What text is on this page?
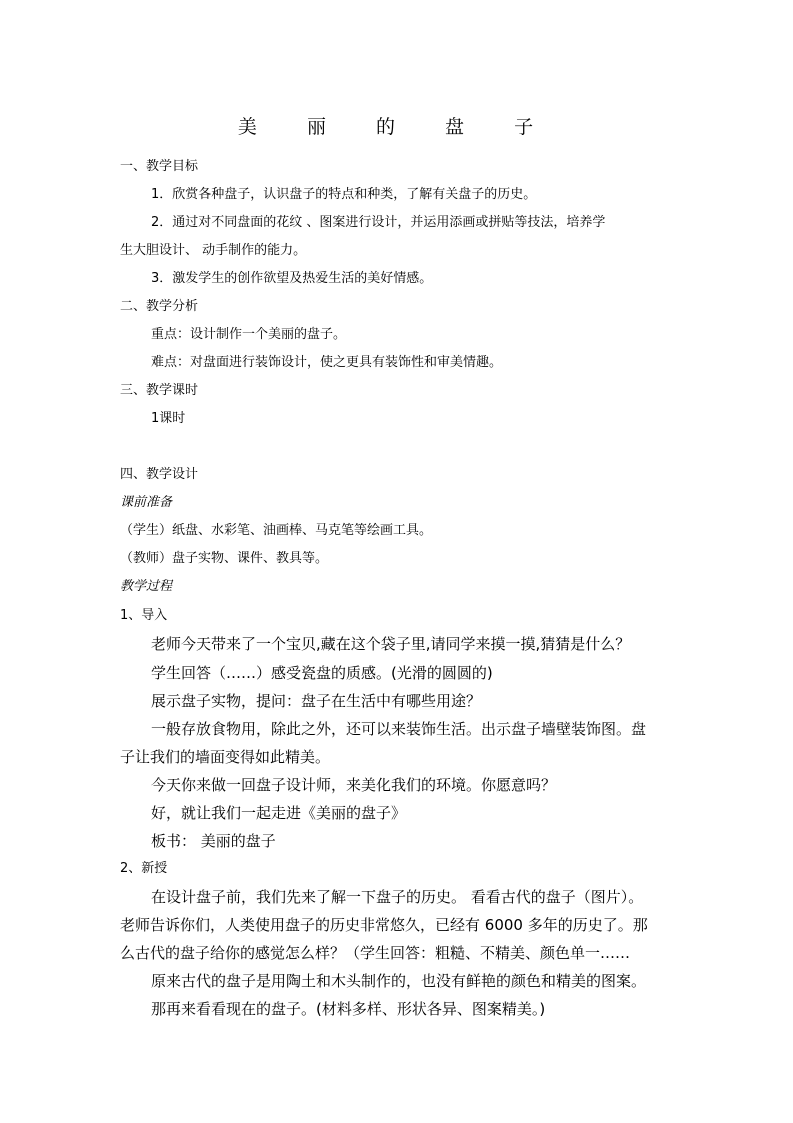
美 丽 的 盘 子
一、教学目标
1．欣赏各种盘子，认识盘子的特点和种类，了解有关盘子的历史。
2．通过对不同盘面的花纹 、图案进行设计，并运用添画或拼贴等技法，培养学
生大胆设计、 动手制作的能力。
3．激发学生的创作欲望及热爱生活的美好情感。
二、教学分析
重点：设计制作一个美丽的盘子。
难点：对盘面进行装饰设计，使之更具有装饰性和审美情趣。
三、教学课时
1课时
四、教学设计
课前准备
（学生）纸盘、水彩笔、油画棒、马克笔等绘画工具。
（教师）盘子实物、课件、教具等。
教学过程
1、导入
老师今天带来了一个宝贝,藏在这个袋子里,请同学来摸一摸,猜猜是什么？
学生回答（……）感受瓷盘的质感。(光滑的圆圆的)
展示盘子实物，提问：盘子在生活中有哪些用途？
一般存放食物用，除此之外，还可以来装饰生活。出示盘子墙壁装饰图。盘
子让我们的墙面变得如此精美。
今天你来做一回盘子设计师，来美化我们的环境。你愿意吗？
好，就让我们一起走进《美丽的盘子》
板书： 美丽的盘子
2、新授
在设计盘子前，我们先来了解一下盘子的历史。 看看古代的盘子（图片）。
老师告诉你们，人类使用盘子的历史非常悠久，已经有 6000 多年的历史了。那
么古代的盘子给你的感觉怎么样？（学生回答：粗糙、不精美、颜色单一……
原来古代的盘子是用陶土和木头制作的，也没有鲜艳的颜色和精美的图案。
那再来看看现在的盘子。(材料多样、形状各异、图案精美。)
